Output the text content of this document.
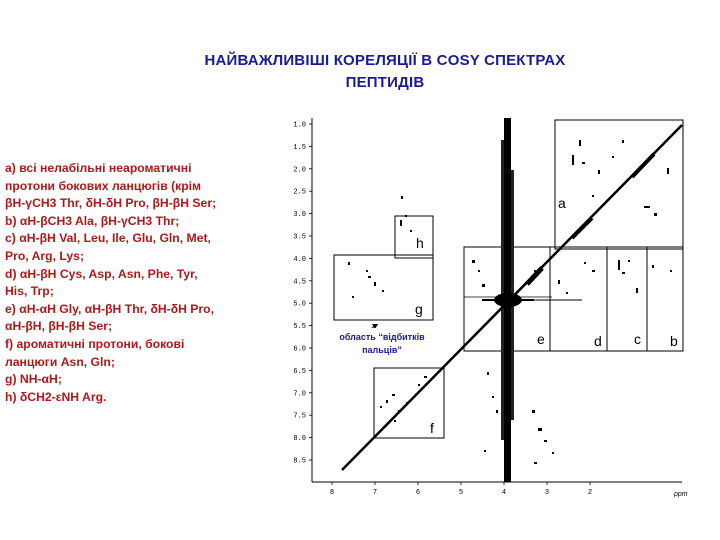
НАЙВАЖЛИВІШІ КОРЕЛЯЦІЇ В COSY СПЕКТРАХ
ПЕПТИДІВ
a) всі нелабільні неароматичні
протони бокових ланцюгів (крім
βH-γCH3 Thr, δH-δH Pro, βH-βH Ser;
b) αH-βCH3 Ala, βH-γCH3 Thr;
c) αH-βH Val, Leu, Ile, Glu, Gln, Met,
Pro, Arg, Lys;
d) αH-βH Cys, Asp, Asn, Phe, Tyr,
His, Trp;
e) αH-αH Gly, αH-βH Thr, δH-δH Pro,
αH-βH, βH-βH Ser;
f) ароматичні протони, бокові
ланцюги Asn, Gln;
g) NH-αH;
h) δCH2-εNH Arg.
1.0
1.5
2.0
2.5
3.0
3.5
4.0
4.5
5.0
5.5
6.0
6.5
7.0
7.5
8.0
8.5
8	7	6	5	4	3	2	ppm
a
b
c
d
e
f
g
h
область “відбитків
пальців”
